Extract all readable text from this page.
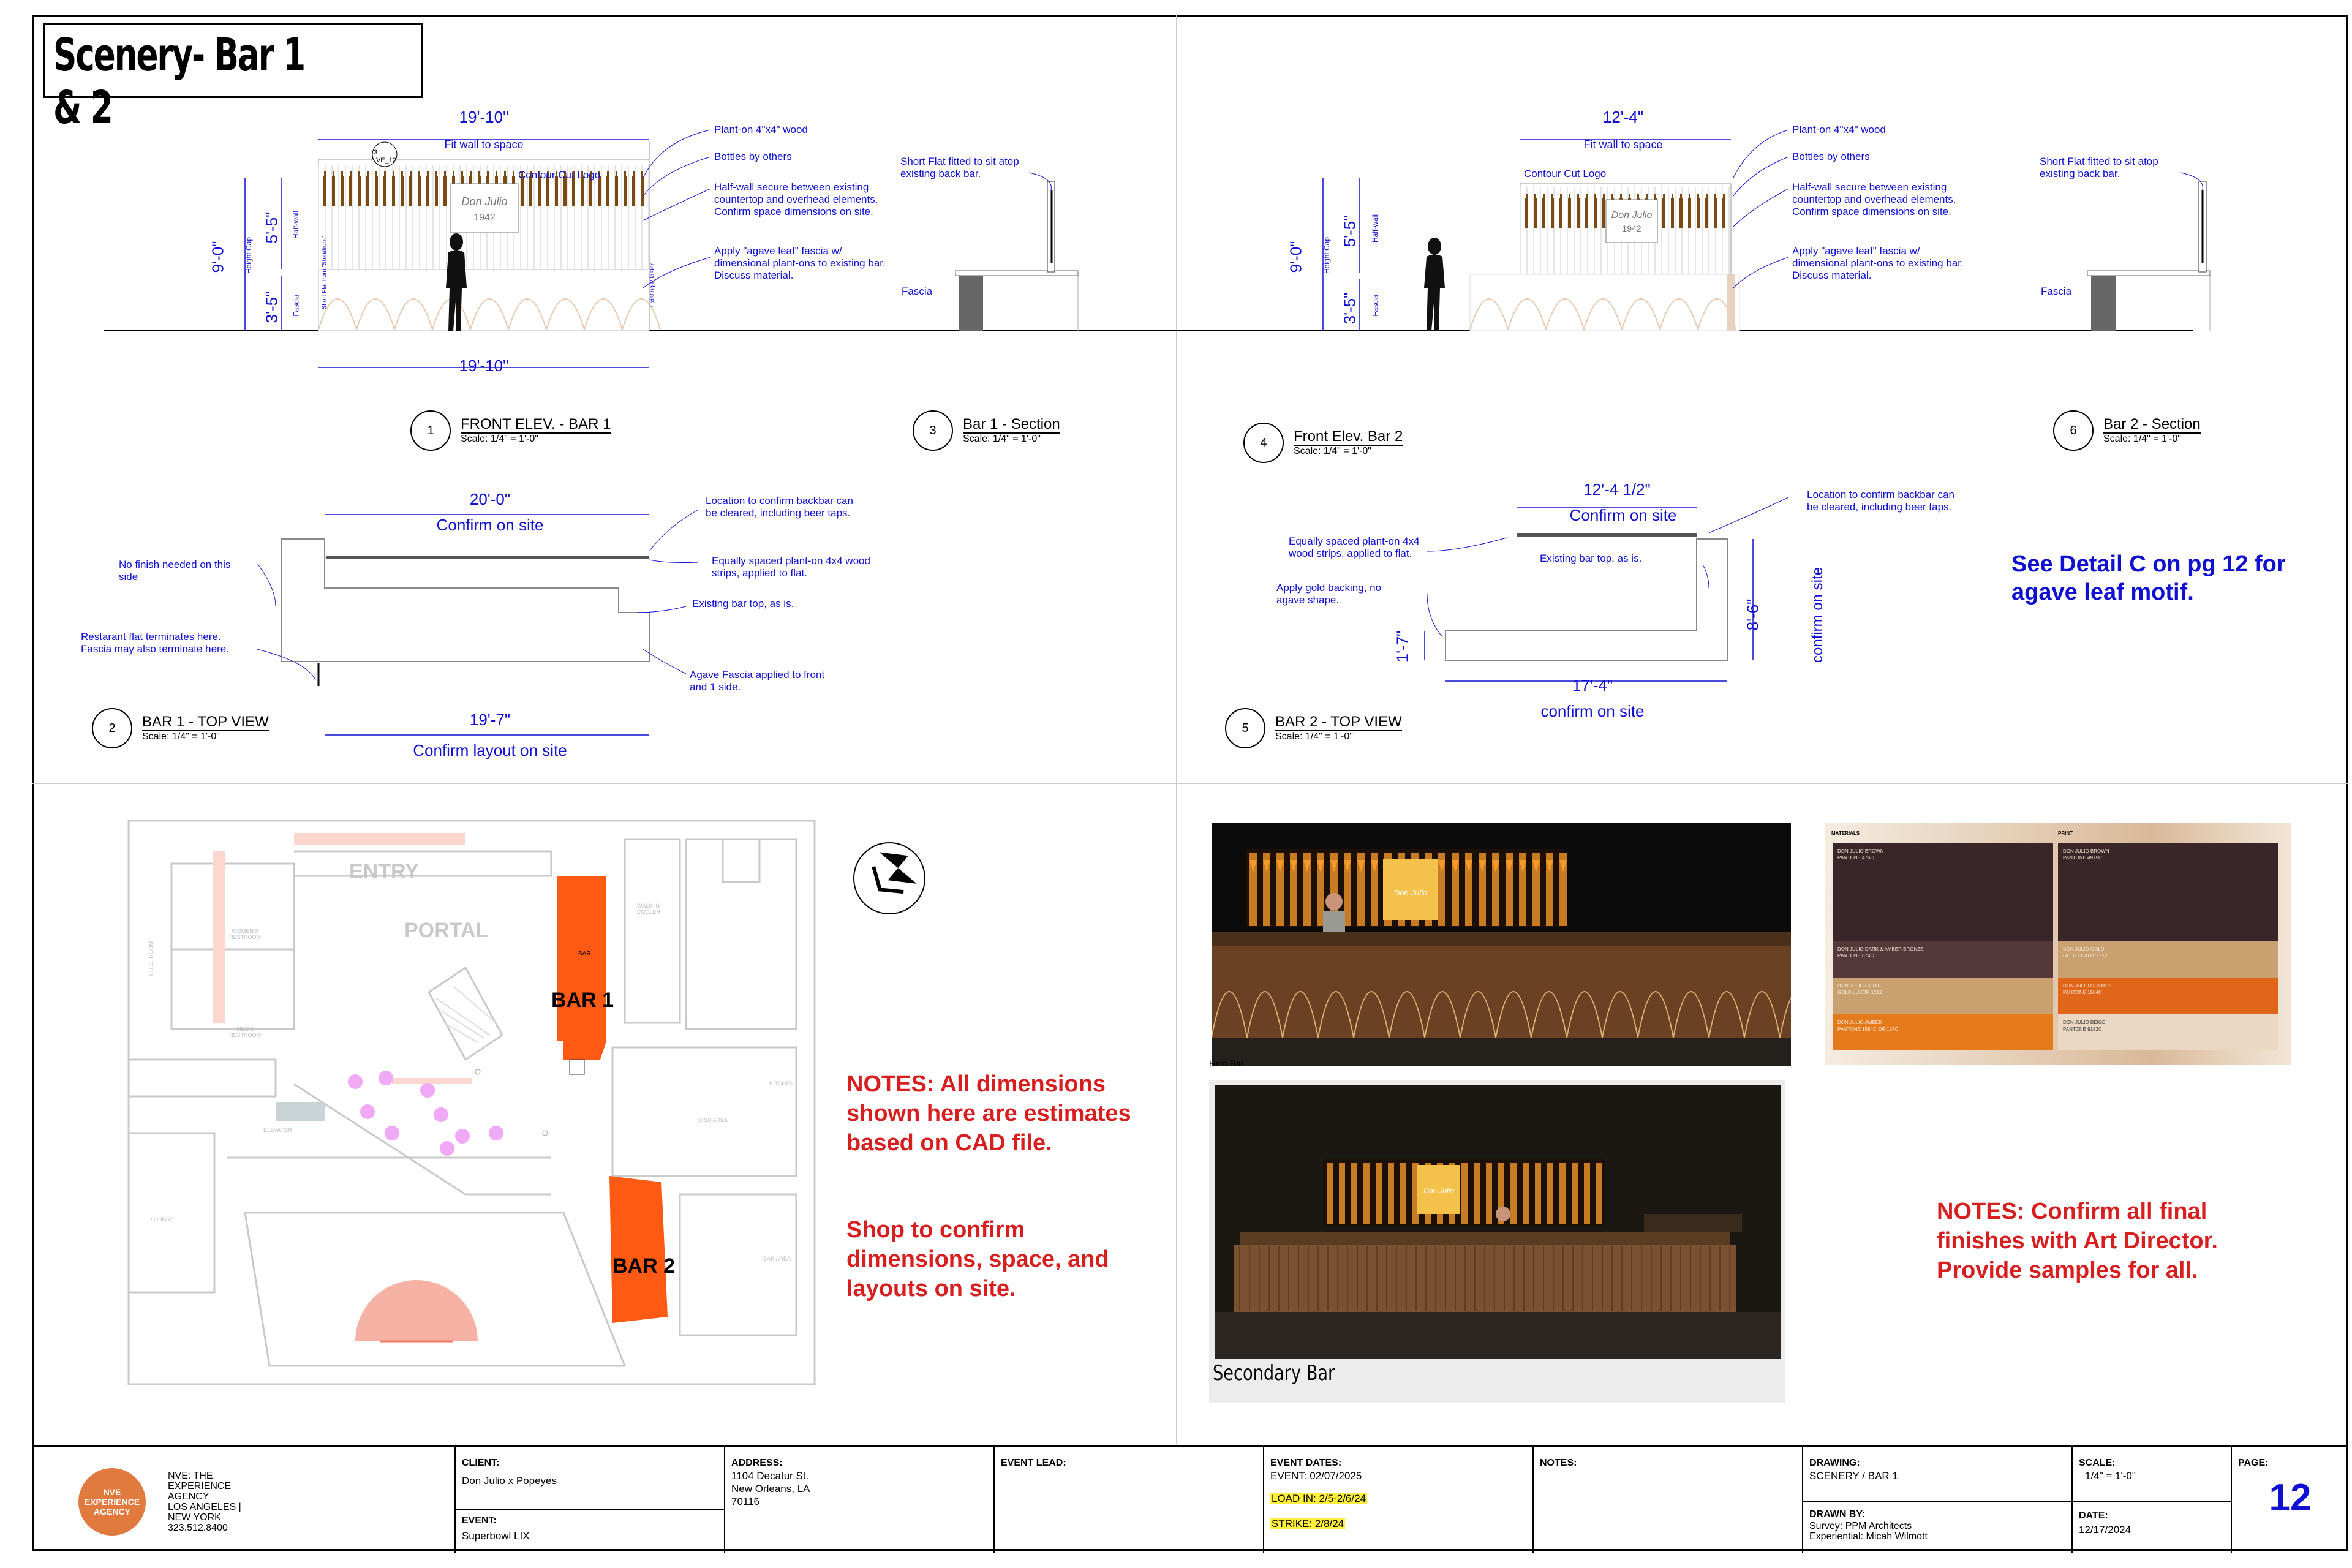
Scenery- Bar 1 & 2
Don Julio
1942	Don Julio
1942
19'-10"
Fit wall to space
19'-10"
Contour Cut Logo
3
NVE_12
9'-0"
5'-5"
3'-5"
Height Cap
Fascia
Half-wall
Short Flat from "Storefront"	Existing Pilaster
Plant-on 4"x4" wood
Bottles by others
Half-wall secure between existing countertop and overhead elements. Confirm space dimensions on site.
Apply "agave leaf" fascia w/ dimensional plant-ons to existing bar. Discuss material.
1	FRONT ELEV. - BAR 1
Scale: 1/4" = 1'-0"
Short Flat fitted to sit atop existing back bar.
Fascia
3	Bar 1 - Section
Scale: 1/4" = 1'-0"
12'-4"
Fit wall to space
Contour Cut Logo
9'-0"
5'-5"
3'-5"
Height Cap
Fascia
Half-wall
Plant-on 4"x4" wood
Bottles by others
Half-wall secure between existing countertop and overhead elements. Confirm space dimensions on site.
Apply "agave leaf" fascia w/ dimensional plant-ons to existing bar. Discuss material.
4	Front Elev. Bar 2
Scale: 1/4" = 1'-0"
Short Flat fitted to sit atop existing back bar.
Fascia
6	Bar 2 - Section
Scale: 1/4" = 1'-0"
20'-0"
Confirm on site
19'-7"
Confirm layout on site
No finish needed on this side
Restarant flat terminates here. Fascia may also terminate here.
Location to confirm backbar can be cleared, including beer taps.
Equally spaced plant-on 4x4 wood strips, applied to flat.
Existing bar top, as is.
Agave Fascia applied to front and 1 side.
2	BAR 1 - TOP VIEW
Scale: 1/4" = 1'-0"
12'-4 1/2"
Confirm on site
17'-4"
confirm on site
1'-7"
8'-6"	confirm on site
Location to confirm backbar can be cleared, including beer taps.
Equally spaced plant-on 4x4 wood strips, applied to flat.	Existing bar top, as is.
Apply gold backing, no agave shape.
5	BAR 2 - TOP VIEW
Scale: 1/4" = 1'-0"
See Detail C on pg 12 for agave leaf motif.
ENTRY
PORTAL
BAR 1
BAR 2
BAR
WOMEN'S RESTROOM
MEN'S RESTROOM
ELEVATOR
LOUNGE
WALK-IN COOLER
KITCHEN
DISH AREA
ELEC. ROOM
BAR AREA
NOTES: All dimensions shown here are estimates based on CAD file.
Shop to confirm dimensions, space, and layouts on site.
Don Julio
Hero Bar
Don Julio
Secondary Bar
MATERIALS	PRINT
DON JULIO BROWN
PANTONE 476C
DON JULIO DARK & AMBER BRONZE
PANTONE 874C
DON JULIO GOLD
GOLD LUXOR 1212
DON JULIO AMBER
PANTONE 1584C OR 157C
DON JULIO BROWN
PANTONE 4975U
DON JULIO GOLD
GOLD LUXOR 1212
DON JULIO ORANGE
PANTONE 1584C
DON JULIO BEIGE
PANTONE 9182C
NOTES: Confirm all final finishes with Art Director. Provide samples for all.
NVE EXPERIENCE AGENCY
NVE: THE
EXPERIENCE
AGENCY
LOS ANGELES |
NEW YORK
323.512.8400
CLIENT:
Don Julio x Popeyes
EVENT:
Superbowl LIX
ADDRESS:
1104 Decatur St.
New Orleans, LA
70116
EVENT LEAD:	EVENT DATES:
EVENT: 02/07/2025
LOAD IN: 2/5-2/6/24
STRIKE: 2/8/24
NOTES:	DRAWING:
SCENERY / BAR 1
DRAWN BY:
Survey: PPM Architects
Experiential: Micah Wilmott
SCALE:
1/4" = 1'-0"
DATE:
12/17/2024
PAGE:
12
